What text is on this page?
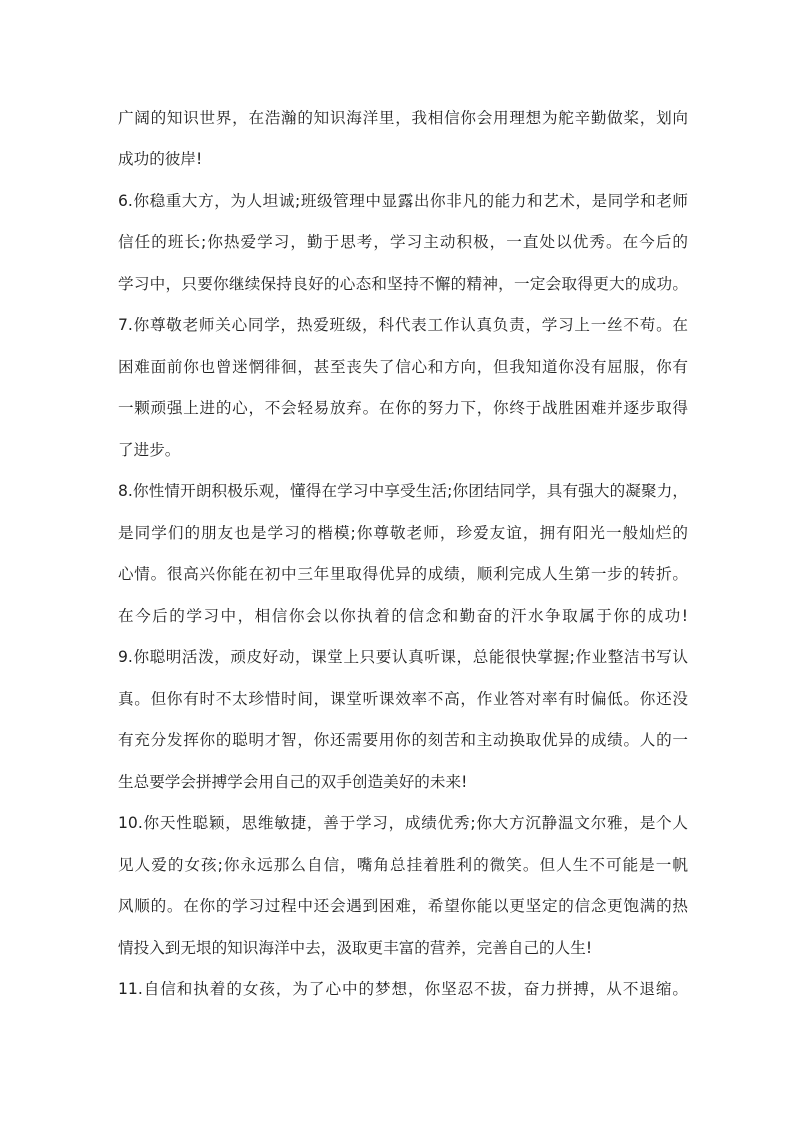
广阔的知识世界，在浩瀚的知识海洋里，我相信你会用理想为舵辛勤做桨，划向
成功的彼岸!
6.你稳重大方，为人坦诚;班级管理中显露出你非凡的能力和艺术，是同学和老师
信任的班长;你热爱学习，勤于思考，学习主动积极，一直处以优秀。在今后的
学习中，只要你继续保持良好的心态和坚持不懈的精神，一定会取得更大的成功。
7.你尊敬老师关心同学，热爱班级，科代表工作认真负责，学习上一丝不苟。在
困难面前你也曾迷惘徘徊，甚至丧失了信心和方向，但我知道你没有屈服，你有
一颗顽强上进的心，不会轻易放弃。在你的努力下，你终于战胜困难并逐步取得
了进步。
8.你性情开朗积极乐观，懂得在学习中享受生活;你团结同学，具有强大的凝聚力，
是同学们的朋友也是学习的楷模;你尊敬老师，珍爱友谊，拥有阳光一般灿烂的
心情。很高兴你能在初中三年里取得优异的成绩，顺利完成人生第一步的转折。
在今后的学习中，相信你会以你执着的信念和勤奋的汗水争取属于你的成功!
9.你聪明活泼，顽皮好动，课堂上只要认真听课，总能很快掌握;作业整洁书写认
真。但你有时不太珍惜时间，课堂听课效率不高，作业答对率有时偏低。你还没
有充分发挥你的聪明才智，你还需要用你的刻苦和主动换取优异的成绩。人的一
生总要学会拼搏学会用自己的双手创造美好的未来!
10.你天性聪颖，思维敏捷，善于学习，成绩优秀;你大方沉静温文尔雅，是个人
见人爱的女孩;你永远那么自信，嘴角总挂着胜利的微笑。但人生不可能是一帆
风顺的。在你的学习过程中还会遇到困难，希望你能以更坚定的信念更饱满的热
情投入到无垠的知识海洋中去，汲取更丰富的营养，完善自己的人生!
11.自信和执着的女孩，为了心中的梦想，你坚忍不拔，奋力拼搏，从不退缩。
